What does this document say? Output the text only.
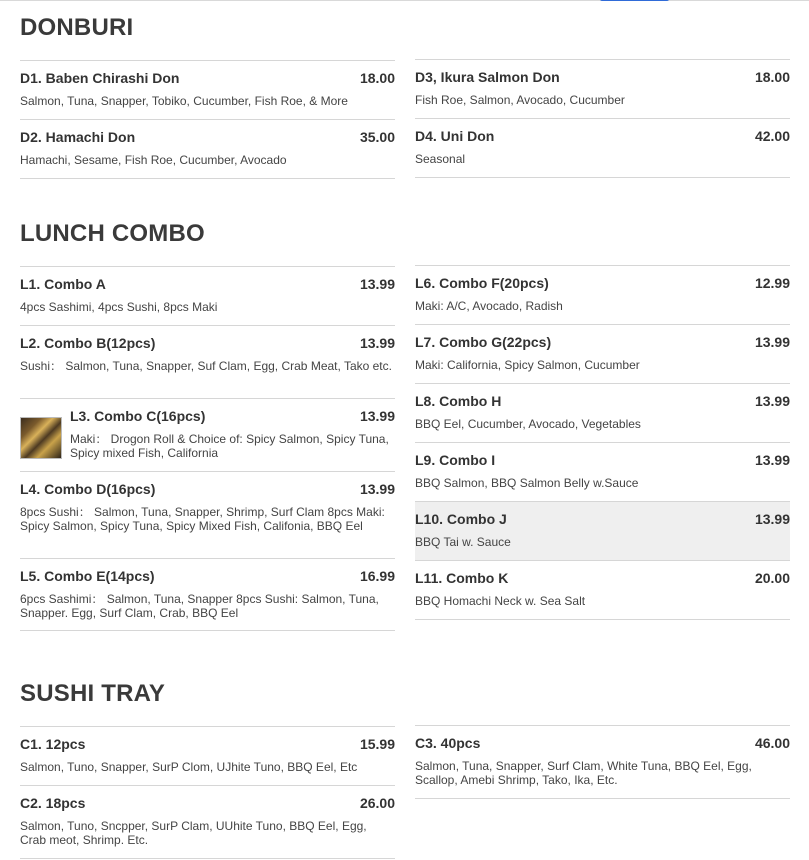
DONBURI
D1. Baben Chirashi Don	18.00
Salmon, Tuna, Snapper, Tobiko, Cucumber, Fish Roe, & More
D2. Hamachi Don	35.00
Hamachi, Sesame, Fish Roe, Cucumber, Avocado
D3, Ikura Salmon Don	18.00
Fish Roe, Salmon, Avocado, Cucumber
D4. Uni Don	42.00
Seasonal
LUNCH COMBO
L1. Combo A	13.99
4pcs Sashimi, 4pcs Sushi, 8pcs Maki
L2. Combo B(12pcs)	13.99
Sushi： Salmon, Tuna, Snapper, Suf Clam, Egg, Crab Meat, Tako etc.
L3. Combo C(16pcs)	13.99
Maki： Drogon Roll & Choice of: Spicy Salmon, Spicy Tuna, Spicy mixed Fish, California
L4. Combo D(16pcs)	13.99
8pcs Sushi： Salmon, Tuna, Snapper, Shrimp, Surf Clam 8pcs Maki: Spicy Salmon, Spicy Tuna, Spicy Mixed Fish, Califonia, BBQ Eel
L5. Combo E(14pcs)	16.99
6pcs Sashimi： Salmon, Tuna, Snapper 8pcs Sushi: Salmon, Tuna, Snapper. Egg, Surf Clam, Crab, BBQ Eel
L6. Combo F(20pcs)	12.99
Maki: A/C, Avocado, Radish
L7. Combo G(22pcs)	13.99
Maki: California, Spicy Salmon, Cucumber
L8. Combo H	13.99
BBQ Eel, Cucumber, Avocado, Vegetables
L9. Combo I	13.99
BBQ Salmon, BBQ Salmon Belly w.Sauce
L10. Combo J	13.99
BBQ Tai w. Sauce
L11. Combo K	20.00
BBQ Homachi Neck w. Sea Salt
SUSHI TRAY
C1. 12pcs	15.99
Salmon, Tuno, Snapper, SurP Clom, UJhite Tuno, BBQ Eel, Etc
C2. 18pcs	26.00
Salmon, Tuno, Sncpper, SurP Clam, UUhite Tuno, BBQ Eel, Egg, Crab meot, Shrimp. Etc.
C3. 40pcs	46.00
Salmon, Tuna, Snapper, Surf Clam, White Tuna, BBQ Eel, Egg, Scallop, Amebi Shrimp, Tako, Ika, Etc.
